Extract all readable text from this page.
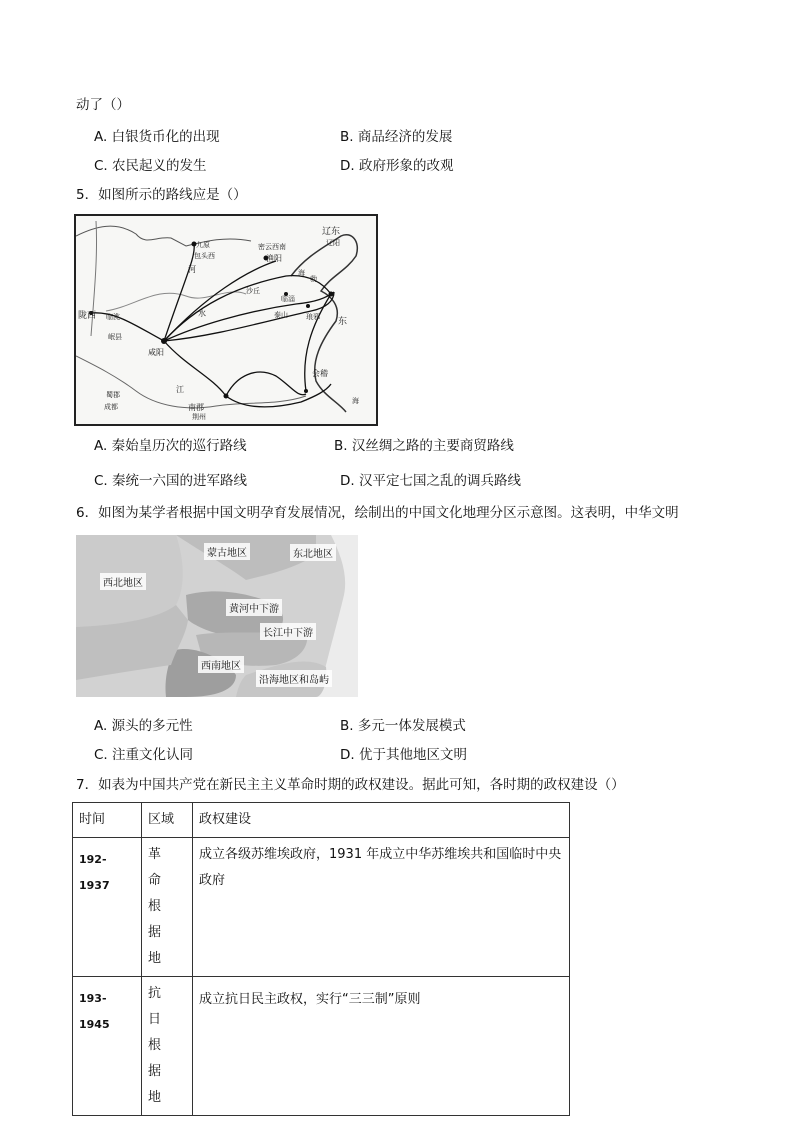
动了（）
A. 白银货币化的出现	B. 商品经济的发展
C. 农民起义的发生	D. 政府形象的改观
5．如图所示的路线应是（）
九原
包头西
密云西南
渔阳
辽东
辽阳
勃
海
陇西 临洮
岷县
咸阳
沙丘
临淄
泰山	琅邪 东
蜀郡
成都
江
南郡
荆州
会稽
海
河
水
A. 秦始皇历次的巡行路线	B. 汉丝绸之路的主要商贸路线
C. 秦统一六国的进军路线	D. 汉平定七国之乱的调兵路线
6．如图为某学者根据中国文明孕育发展情况，绘制出的中国文化地理分区示意图。这表明，中华文明
蒙古地区	东北地区
西北地区
黄河中下游
长江中下游
西南地区
沿海地区和岛屿
A. 源头的多元性	B. 多元一体发展模式
C. 注重文化认同	D. 优于其他地区文明
7．如表为中国共产党在新民主主义革命时期的政权建设。据此可知，各时期的政权建设（）
时间	区域	政权建设
192-1937	革命根据地	成立各级苏维埃政府，1931 年成立中华苏维埃共和国临时中央政府
193-1945	抗日根据地	成立抗日民主政权，实行“三三制”原则
